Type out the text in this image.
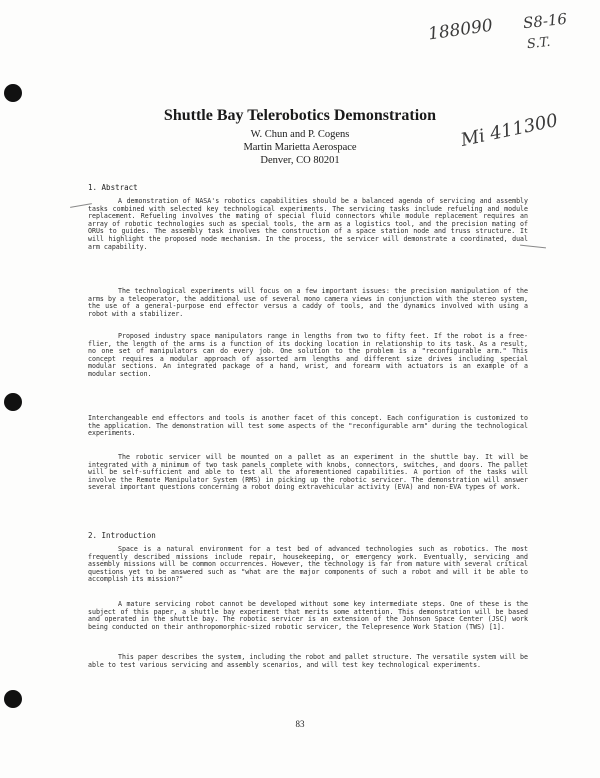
188090 S8-16
S.T.
Mi 411300
Shuttle Bay Telerobotics Demonstration
W. Chun and P. Cogens
Martin Marietta Aerospace
Denver, CO 80201
1. Abstract

A demonstration of NASA's robotics capabilities should be a balanced agenda of servicing and assembly tasks combined with selected key technological experiments. The servicing tasks include refueling and module replacement. Refueling involves the mating of special fluid connectors while module replacement requires an array of robotic technologies such as special tools, the arm as a logistics tool, and the precision mating of ORUs to guides. The assembly task involves the construction of a space station node and truss structure. It will highlight the proposed node mechanism. In the process, the servicer will demonstrate a coordinated, dual arm capability.

The technological experiments will focus on a few important issues: the precision manipulation of the arms by a teleoperator, the additional use of several mono camera views in conjunction with the stereo system, the use of a general-purpose end effector versus a caddy of tools, and the dynamics involved with using a robot with a stabilizer.

Proposed industry space manipulators range in lengths from two to fifty feet. If the robot is a free-flier, the length of the arms is a function of its docking location in relationship to its task. As a result, no one set of manipulators can do every job. One solution to the problem is a "reconfigurable arm." This concept requires a modular approach of assorted arm lengths and different size drives including special modular sections. An integrated package of a hand, wrist, and forearm with actuators is an example of a modular section.

Interchangeable end effectors and tools is another facet of this concept. Each configuration is customized to the application. The demonstration will test some aspects of the "reconfigurable arm" during the technological experiments.

The robotic servicer will be mounted on a pallet as an experiment in the shuttle bay. It will be integrated with a minimum of two task panels complete with knobs, connectors, switches, and doors. The pallet will be self-sufficient and able to test all the aforementioned capabilities. A portion of the tasks will involve the Remote Manipulator System (RMS) in picking up the robotic servicer. The demonstration will answer several important questions concerning a robot doing extravehicular activity (EVA) and non-EVA types of work.

2. Introduction

Space is a natural environment for a test bed of advanced technologies such as robotics. The most frequently described missions include repair, housekeeping, or emergency work. Eventually, servicing and assembly missions will be common occurrences. However, the technology is far from mature with several critical questions yet to be answered such as "what are the major components of such a robot and will it be able to accomplish its mission?"

A mature servicing robot cannot be developed without some key intermediate steps. One of these is the subject of this paper, a shuttle bay experiment that merits some attention. This demonstration will be based and operated in the shuttle bay. The robotic servicer is an extension of the Johnson Space Center (JSC) work being conducted on their anthropomorphic-sized robotic servicer, the Telepresence Work Station (TWS) [1].

This paper describes the system, including the robot and pallet structure. The versatile system will be able to test various servicing and assembly scenarios, and will test key technological experiments.

83
